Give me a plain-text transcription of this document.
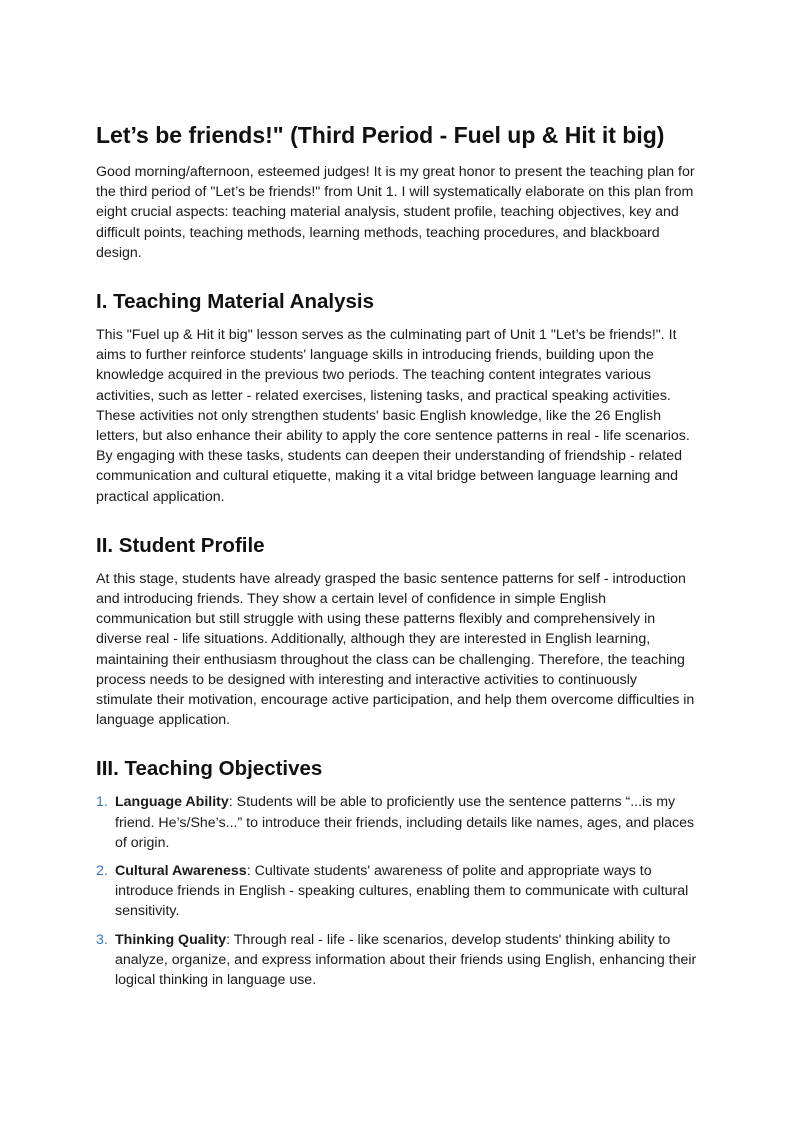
Let’s be friends!" (Third Period - Fuel up & Hit it big)

Good morning/afternoon, esteemed judges! It is my great honor to present the teaching plan for the third period of "Let’s be friends!" from Unit 1. I will systematically elaborate on this plan from eight crucial aspects: teaching material analysis, student profile, teaching objectives, key and difficult points, teaching methods, learning methods, teaching procedures, and blackboard design.

I. Teaching Material Analysis

This "Fuel up & Hit it big" lesson serves as the culminating part of Unit 1 "Let’s be friends!". It aims to further reinforce students' language skills in introducing friends, building upon the knowledge acquired in the previous two periods. The teaching content integrates various activities, such as letter - related exercises, listening tasks, and practical speaking activities. These activities not only strengthen students' basic English knowledge, like the 26 English letters, but also enhance their ability to apply the core sentence patterns in real - life scenarios. By engaging with these tasks, students can deepen their understanding of friendship - related communication and cultural etiquette, making it a vital bridge between language learning and practical application.

II. Student Profile

At this stage, students have already grasped the basic sentence patterns for self - introduction and introducing friends. They show a certain level of confidence in simple English communication but still struggle with using these patterns flexibly and comprehensively in diverse real - life situations. Additionally, although they are interested in English learning, maintaining their enthusiasm throughout the class can be challenging. Therefore, the teaching process needs to be designed with interesting and interactive activities to continuously stimulate their motivation, encourage active participation, and help them overcome difficulties in language application.

III. Teaching Objectives
1. Language Ability: Students will be able to proficiently use the sentence patterns “...is my friend. He’s/She’s...” to introduce their friends, including details like names, ages, and places of origin.
2. Cultural Awareness: Cultivate students' awareness of polite and appropriate ways to introduce friends in English - speaking cultures, enabling them to communicate with cultural sensitivity.
3. Thinking Quality: Through real - life - like scenarios, develop students' thinking ability to analyze, organize, and express information about their friends using English, enhancing their logical thinking in language use.
